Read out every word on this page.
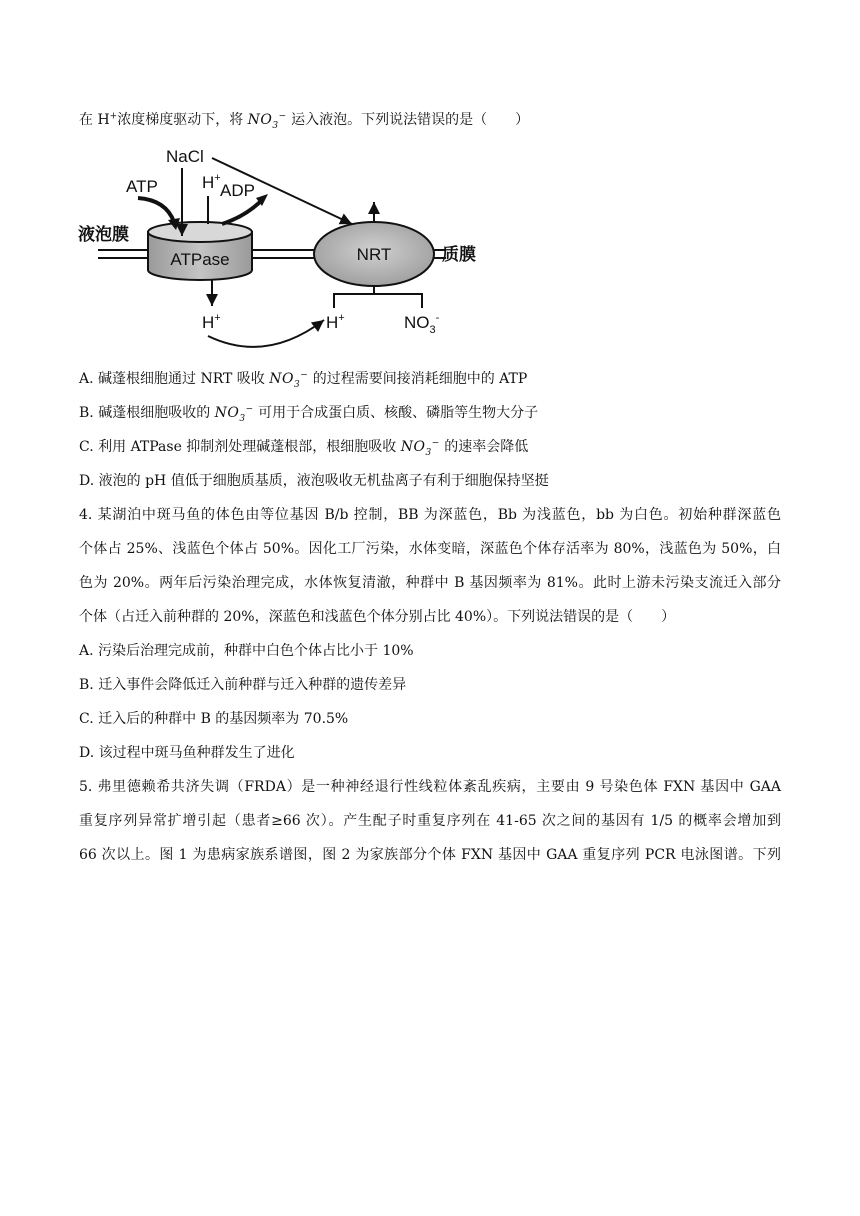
在 H+浓度梯度驱动下，将 $NO_3^-$ 运入液泡。下列说法错误的是（　　）
ATPase	NRT
液泡膜
质膜
NaCl
ATP	H+
ADP
H+	H+	$NO_3^-$
A. 碱蓬根细胞通过 NRT 吸收 $NO_3^-$ 的过程需要间接消耗细胞中的 ATP
B. 碱蓬根细胞吸收的 $NO_3^-$ 可用于合成蛋白质、核酸、磷脂等生物大分子
C. 利用 ATPase 抑制剂处理碱蓬根部，根细胞吸收 $NO_3^-$ 的速率会降低
D. 液泡的 pH 值低于细胞质基质，液泡吸收无机盐离子有利于细胞保持坚挺
4. 某湖泊中斑马鱼的体色由等位基因 B/b 控制，BB 为深蓝色，Bb 为浅蓝色，bb 为白色。初始种群深蓝色
个体占 25%、浅蓝色个体占 50%。因化工厂污染，水体变暗，深蓝色个体存活率为 80%，浅蓝色为 50%，白
色为 20%。两年后污染治理完成，水体恢复清澈，种群中 B 基因频率为 81%。此时上游未污染支流迁入部分
个体（占迁入前种群的 20%，深蓝色和浅蓝色个体分别占比 40%）。下列说法错误的是（　　）
A. 污染后治理完成前，种群中白色个体占比小于 10%
B. 迁入事件会降低迁入前种群与迁入种群的遗传差异
C. 迁入后的种群中 B 的基因频率为 70.5%
D. 该过程中斑马鱼种群发生了进化
5. 弗里德赖希共济失调（FRDA）是一种神经退行性线粒体紊乱疾病，主要由 9 号染色体 FXN 基因中 GAA
重复序列异常扩增引起（患者≥66 次）。产生配子时重复序列在 41-65 次之间的基因有 1/5 的概率会增加到
66 次以上。图 1 为患病家族系谱图，图 2 为家族部分个体 FXN 基因中 GAA 重复序列 PCR 电泳图谱。下列
